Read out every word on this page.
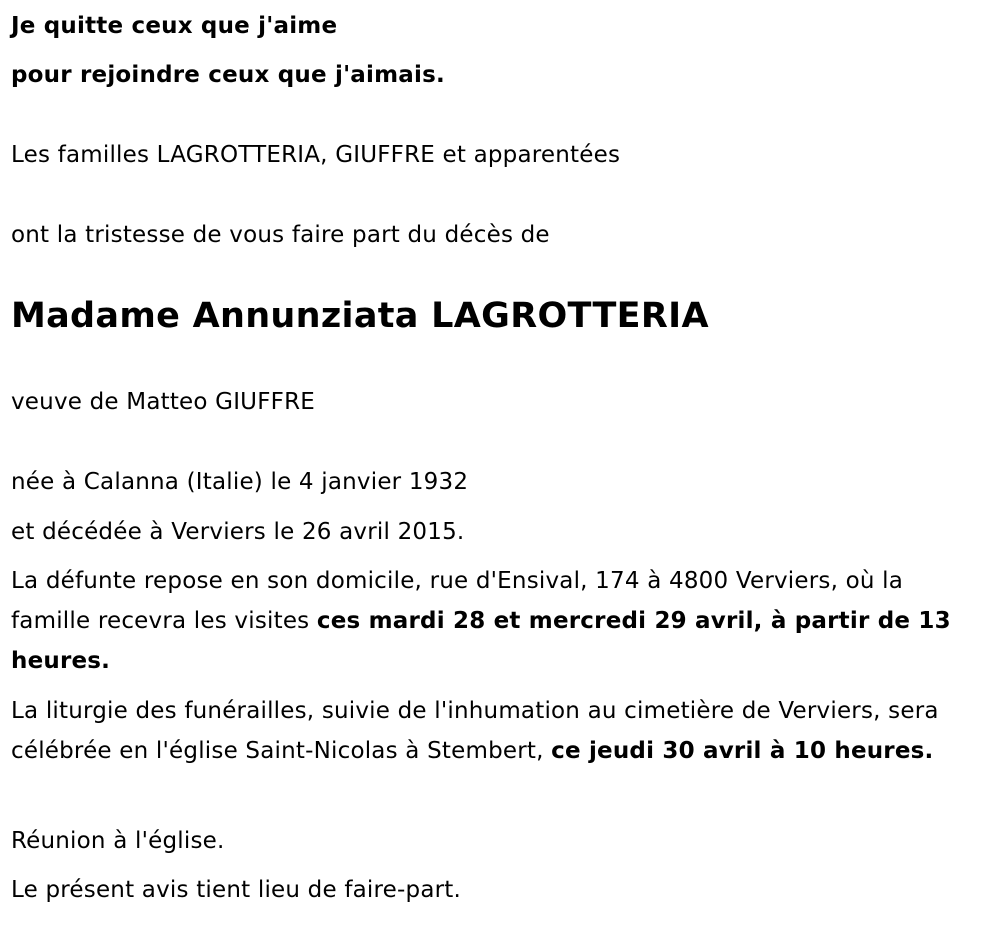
Je quitte ceux que j'aime
pour rejoindre ceux que j'aimais.
Les familles LAGROTTERIA, GIUFFRE et apparentées
ont la tristesse de vous faire part du décès de
Madame Annunziata LAGROTTERIA
veuve de Matteo GIUFFRE
née à Calanna (Italie) le 4 janvier 1932
et décédée à Verviers le 26 avril 2015.
La défunte repose en son domicile, rue d'Ensival, 174 à 4800 Verviers, où la famille recevra les visites ces mardi 28 et mercredi 29 avril, à partir de 13 heures.
La liturgie des funérailles, suivie de l'inhumation au cimetière de Verviers, sera célébrée en l'église Saint-Nicolas à Stembert, ce jeudi 30 avril à 10 heures.
Réunion à l'église.
Le présent avis tient lieu de faire-part.
